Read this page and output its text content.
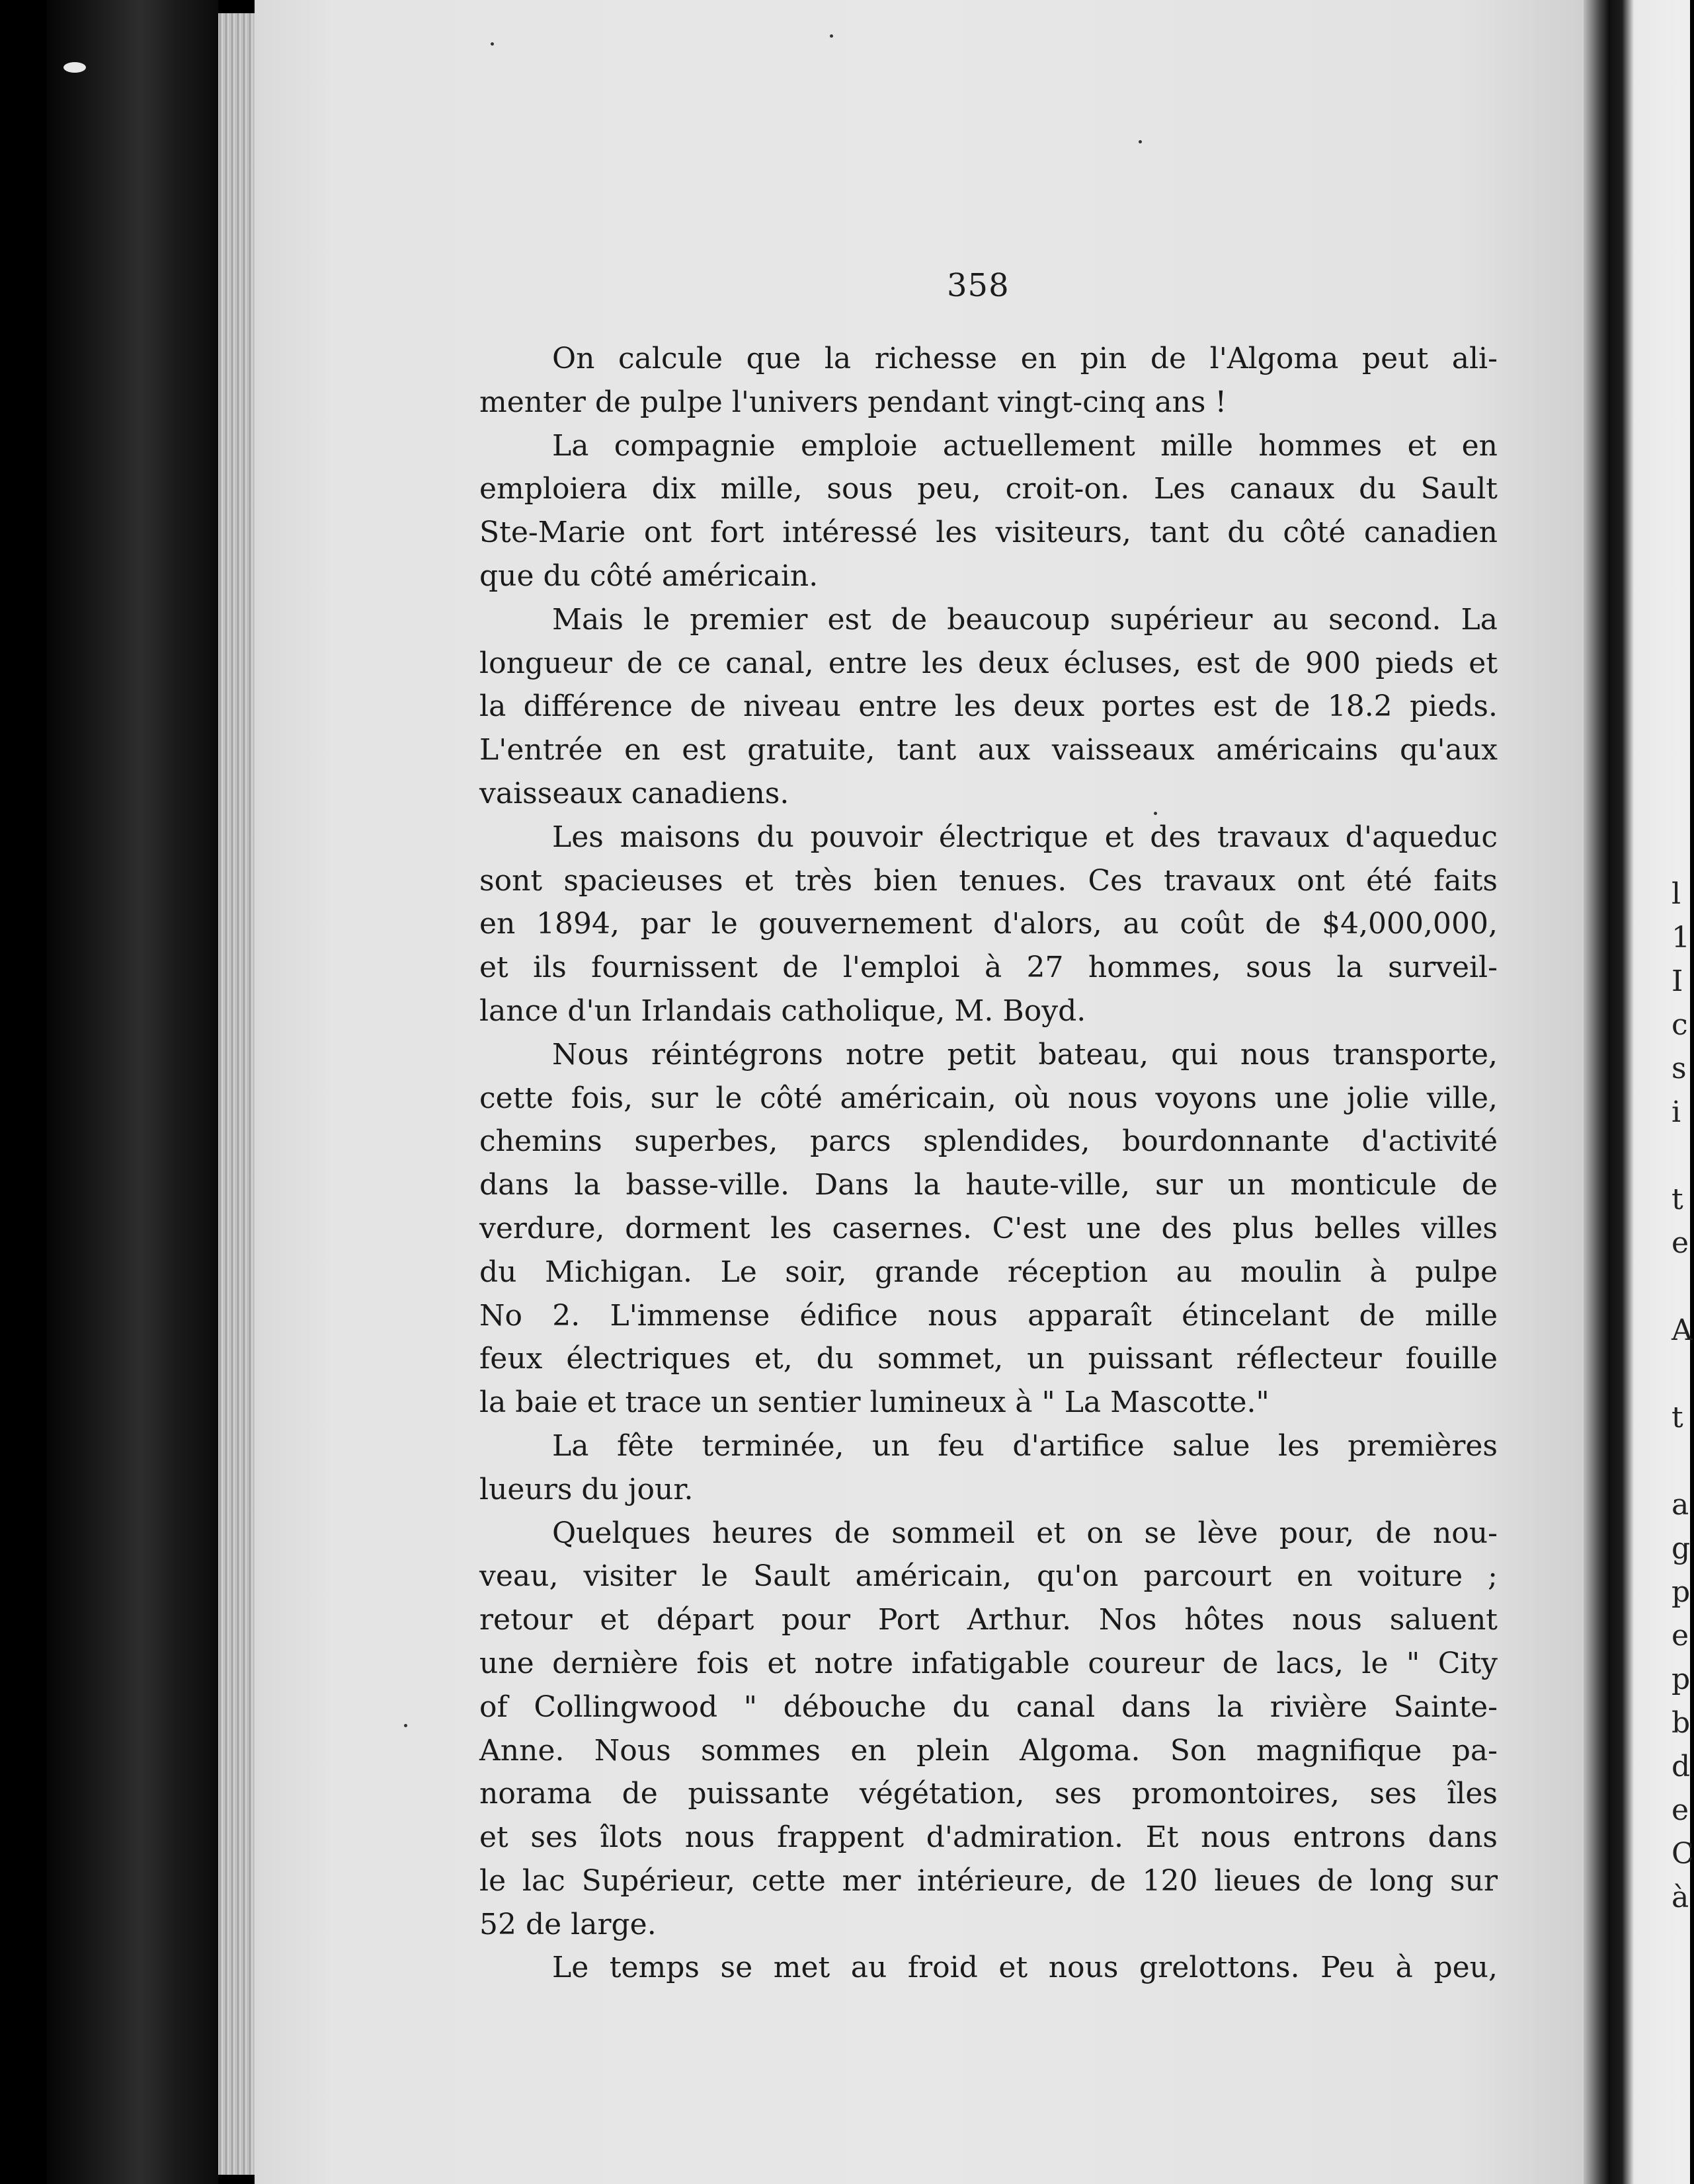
l
1
I
c
s
i
t
e
A
t
a
g
p
e
p
b
d
e
C
à
358
On calcule que la richesse en pin de l'Algoma peut ali-
menter de pulpe l'univers pendant vingt-cinq ans !
La compagnie emploie actuellement mille hommes et en
emploiera dix mille, sous peu, croit-on. Les canaux du Sault
Ste-Marie ont fort intéressé les visiteurs, tant du côté canadien
que du côté américain.
Mais le premier est de beaucoup supérieur au second. La
longueur de ce canal, entre les deux écluses, est de 900 pieds et
la différence de niveau entre les deux portes est de 18.2 pieds.
L'entrée en est gratuite, tant aux vaisseaux américains qu'aux
vaisseaux canadiens.
Les maisons du pouvoir électrique et des travaux d'aqueduc
sont spacieuses et très bien tenues. Ces travaux ont été faits
en 1894, par le gouvernement d'alors, au coût de $4,000,000,
et ils fournissent de l'emploi à 27 hommes, sous la surveil-
lance d'un Irlandais catholique, M. Boyd.
Nous réintégrons notre petit bateau, qui nous transporte,
cette fois, sur le côté américain, où nous voyons une jolie ville,
chemins superbes, parcs splendides, bourdonnante d'activité
dans la basse-ville. Dans la haute-ville, sur un monticule de
verdure, dorment les casernes. C'est une des plus belles villes
du Michigan. Le soir, grande réception au moulin à pulpe
No 2. L'immense édifice nous apparaît étincelant de mille
feux électriques et, du sommet, un puissant réflecteur fouille
la baie et trace un sentier lumineux à " La Mascotte."
La fête terminée, un feu d'artifice salue les premières
lueurs du jour.
Quelques heures de sommeil et on se lève pour, de nou-
veau, visiter le Sault américain, qu'on parcourt en voiture ;
retour et départ pour Port Arthur. Nos hôtes nous saluent
une dernière fois et notre infatigable coureur de lacs, le " City
of Collingwood " débouche du canal dans la rivière Sainte-
Anne. Nous sommes en plein Algoma. Son magnifique pa-
norama de puissante végétation, ses promontoires, ses îles
et ses îlots nous frappent d'admiration. Et nous entrons dans
le lac Supérieur, cette mer intérieure, de 120 lieues de long sur
52 de large.
Le temps se met au froid et nous grelottons. Peu à peu,
